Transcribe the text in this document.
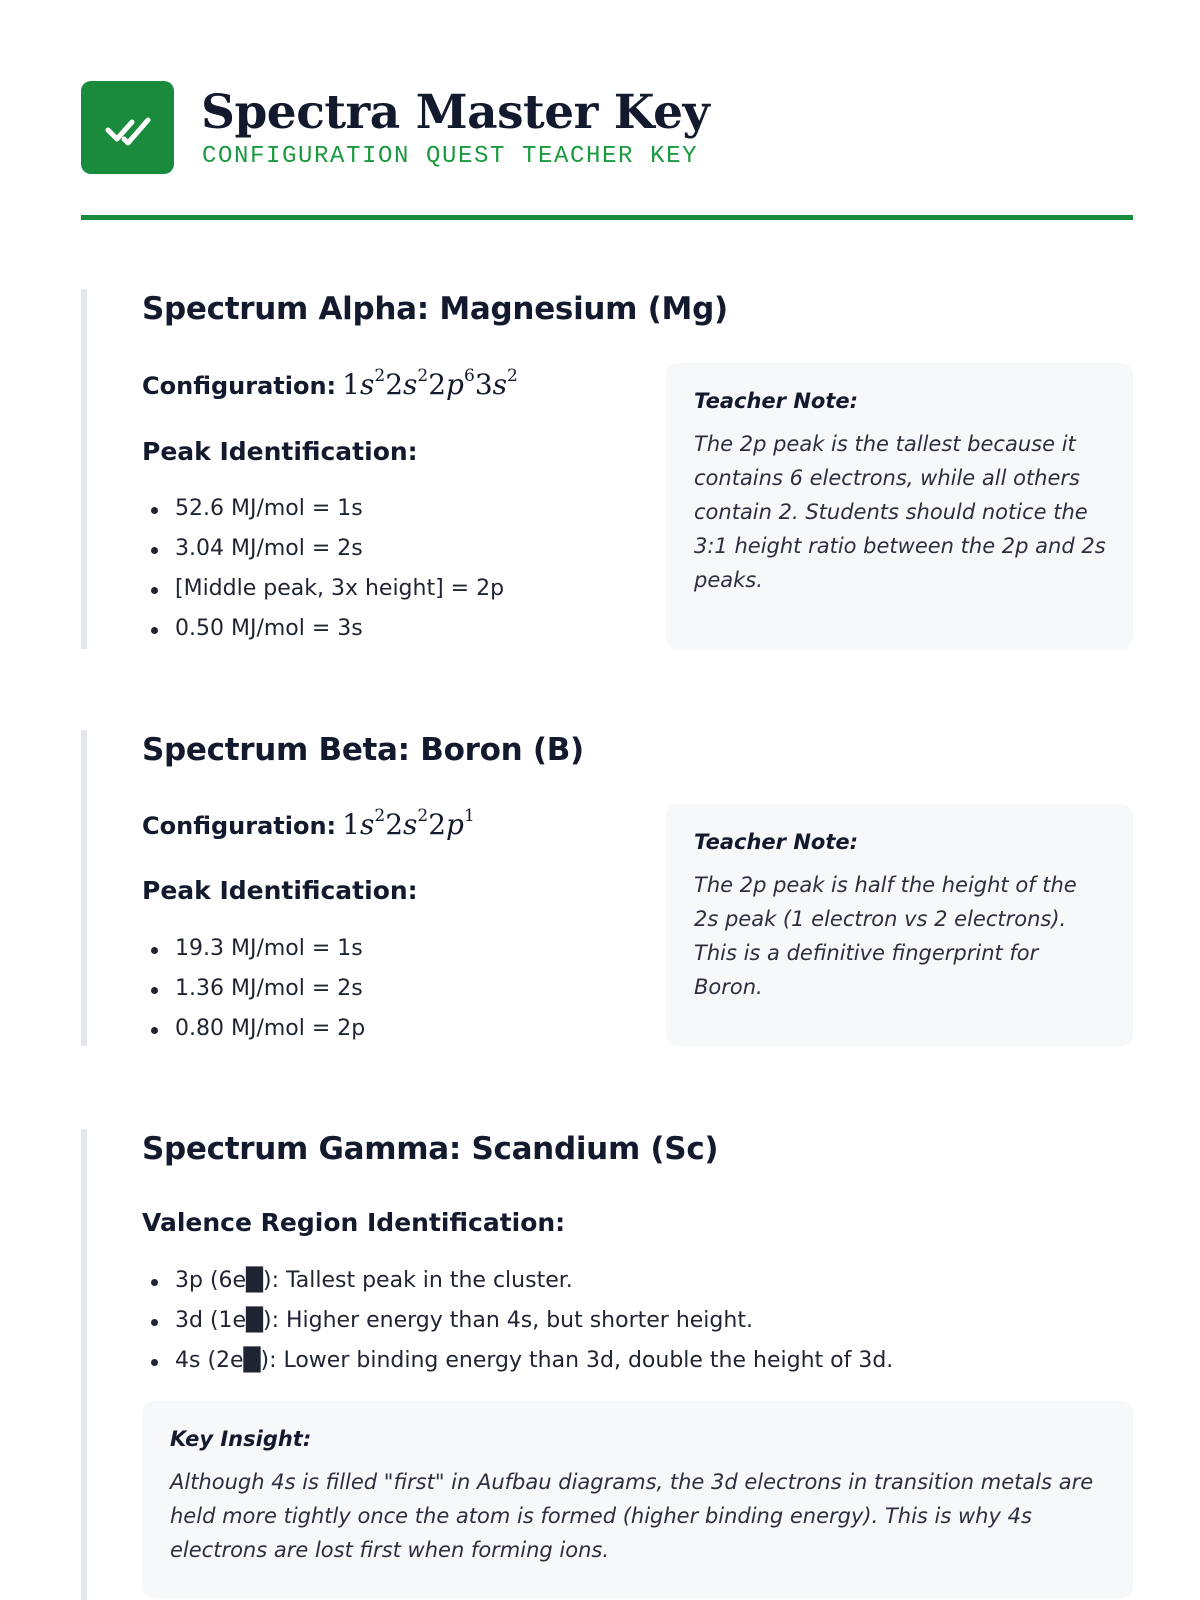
Spectra Master Key
CONFIGURATION QUEST TEACHER KEY
Spectrum Alpha: Magnesium (Mg)
Configuration: $1s^22s^22p^63s^2$
Peak Identification:
52.6 MJ/mol = 1s
3.04 MJ/mol = 2s
[Middle peak, 3x height] = 2p
0.50 MJ/mol = 3s
Teacher Note:
The 2p peak is the tallest because it contains 6 electrons, while all others contain 2. Students should notice the 3:1 height ratio between the 2p and 2s peaks.
Spectrum Beta: Boron (B)
Configuration: $1s^22s^22p^1$
Peak Identification:
19.3 MJ/mol = 1s
1.36 MJ/mol = 2s
0.80 MJ/mol = 2p
Teacher Note:
The 2p peak is half the height of the 2s peak (1 electron vs 2 electrons). This is a definitive fingerprint for Boron.
Spectrum Gamma: Scandium (Sc)
Valence Region Identification:
3p (6e█): Tallest peak in the cluster.
3d (1e█): Higher energy than 4s, but shorter height.
4s (2e█): Lower binding energy than 3d, double the height of 3d.
Key Insight:
Although 4s is filled "first" in Aufbau diagrams, the 3d electrons in transition metals are held more tightly once the atom is formed (higher binding energy). This is why 4s electrons are lost first when forming ions.
